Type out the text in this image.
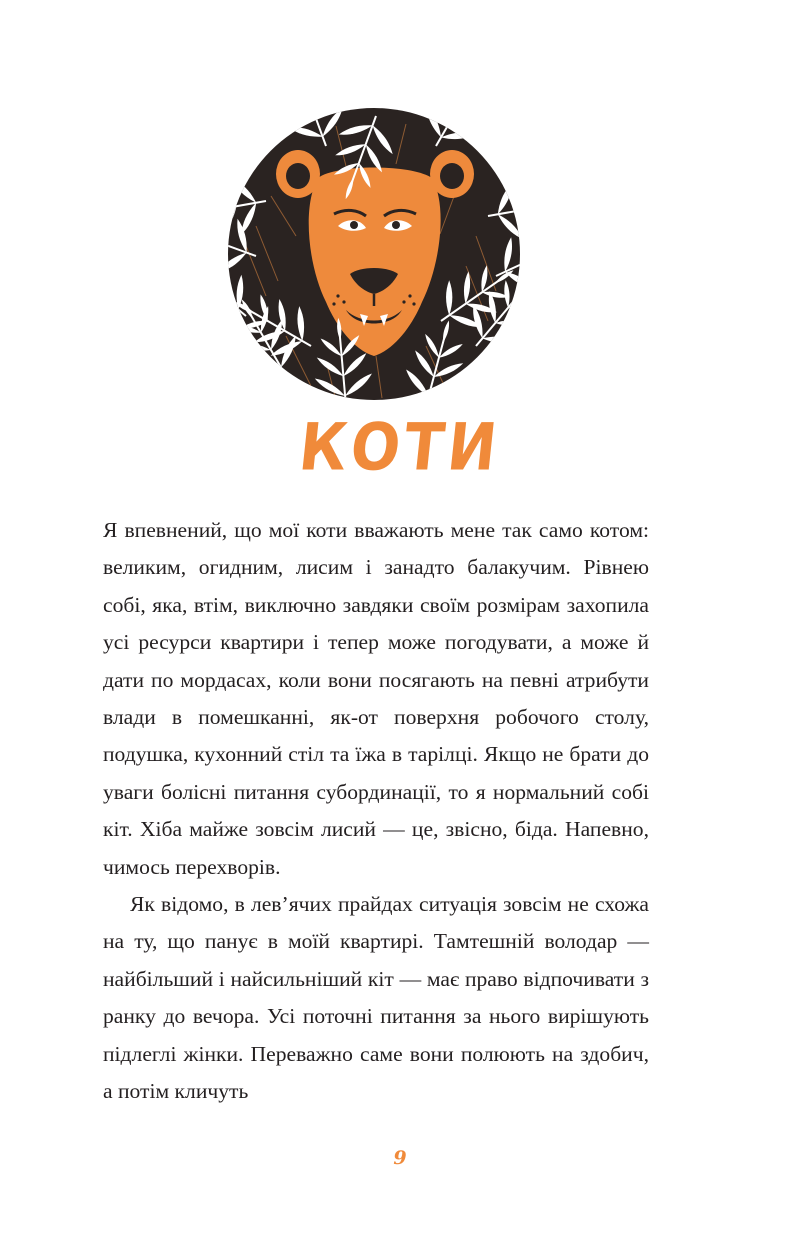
КОТИ

Я впевнений, що мої коти вважають мене так само котом: великим, огидним, лисим і занадто балакучим. Рівнею собі, яка, втім, виключно завдяки своїм розмірам захопила усі ресурси квартири і тепер може погодувати, а може й дати по мордасах, коли вони посягають на певні атрибути влади в помешканні, як-от поверхня робочого столу, подушка, кухонний стіл та їжа в тарілці. Якщо не брати до уваги болісні питання субординації, то я нормальний собі кіт. Хіба майже зовсім лисий — це, звісно, біда. Напевно, чимось перехворів.

Як відомо, в лев’ячих прайдах ситуація зовсім не схожа на ту, що панує в моїй квартирі. Тамтешній володар — найбільший і найсильніший кіт — має право відпочивати з ранку до вечора. Усі поточні питання за нього вирішують підлеглі жінки. Переважно саме вони полюють на здобич, а потім кличуть

9
